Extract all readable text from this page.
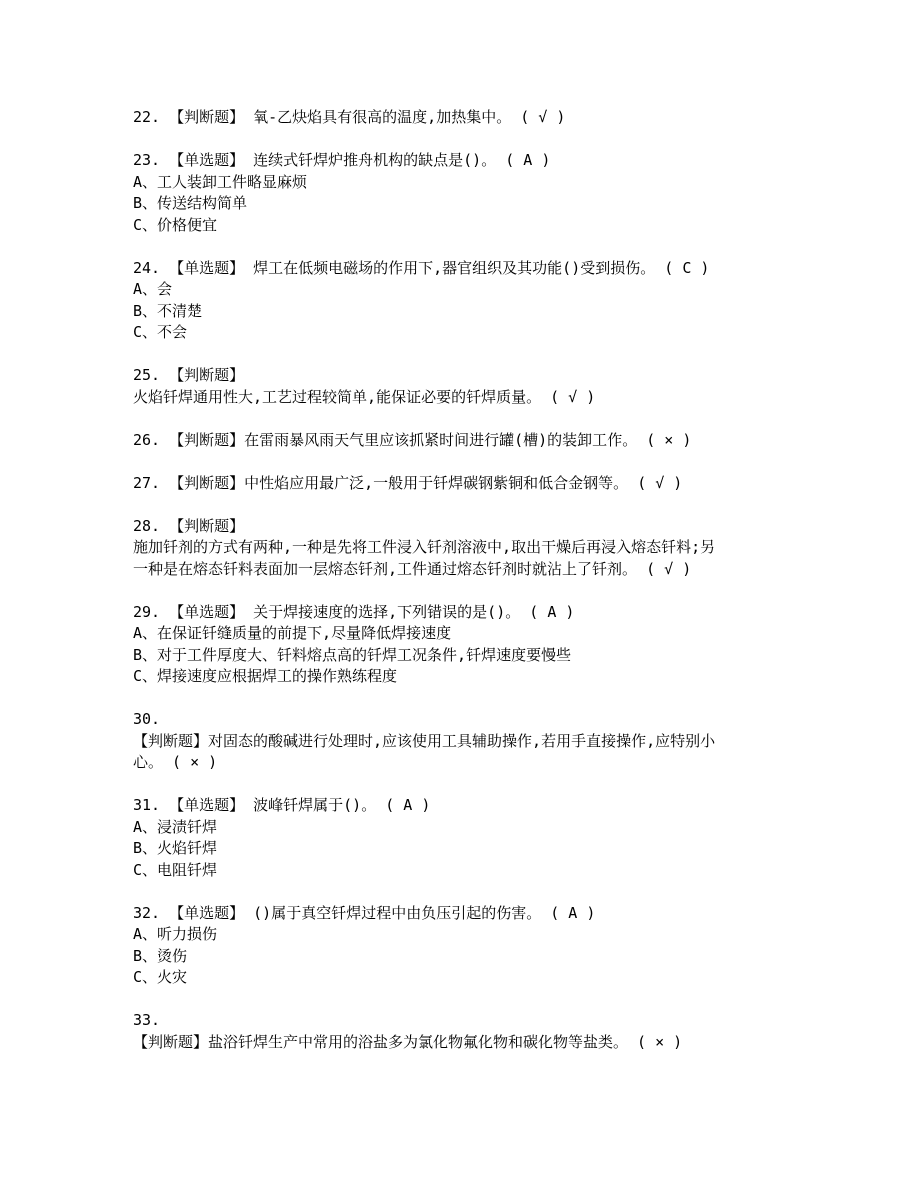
22. 【判断题】 氧-乙炔焰具有很高的温度,加热集中。 ( √ )
23. 【单选题】 连续式钎焊炉推舟机构的缺点是()。 ( A )
A、工人装卸工件略显麻烦
B、传送结构简单
C、价格便宜
24. 【单选题】 焊工在低频电磁场的作用下,器官组织及其功能()受到损伤。 ( C )
A、会
B、不清楚
C、不会
25. 【判断题】
火焰钎焊通用性大,工艺过程较简单,能保证必要的钎焊质量。 ( √ )
26. 【判断题】在雷雨暴风雨天气里应该抓紧时间进行罐(槽)的装卸工作。 ( × )
27. 【判断题】中性焰应用最广泛,一般用于钎焊碳钢紫铜和低合金钢等。 ( √ )
28. 【判断题】
施加钎剂的方式有两种,一种是先将工件浸入钎剂溶液中,取出干燥后再浸入熔态钎料;另
一种是在熔态钎料表面加一层熔态钎剂,工件通过熔态钎剂时就沾上了钎剂。 ( √ )
29. 【单选题】 关于焊接速度的选择,下列错误的是()。 ( A )
A、在保证钎缝质量的前提下,尽量降低焊接速度
B、对于工件厚度大、钎料熔点高的钎焊工况条件,钎焊速度要慢些
C、焊接速度应根据焊工的操作熟练程度
30.
【判断题】对固态的酸碱进行处理时,应该使用工具辅助操作,若用手直接操作,应特别小
心。 ( × )
31. 【单选题】 波峰钎焊属于()。 ( A )
A、浸渍钎焊
B、火焰钎焊
C、电阻钎焊
32. 【单选题】 ()属于真空钎焊过程中由负压引起的伤害。 ( A )
A、听力损伤
B、烫伤
C、火灾
33.
【判断题】盐浴钎焊生产中常用的浴盐多为氯化物氟化物和碳化物等盐类。 ( × )
